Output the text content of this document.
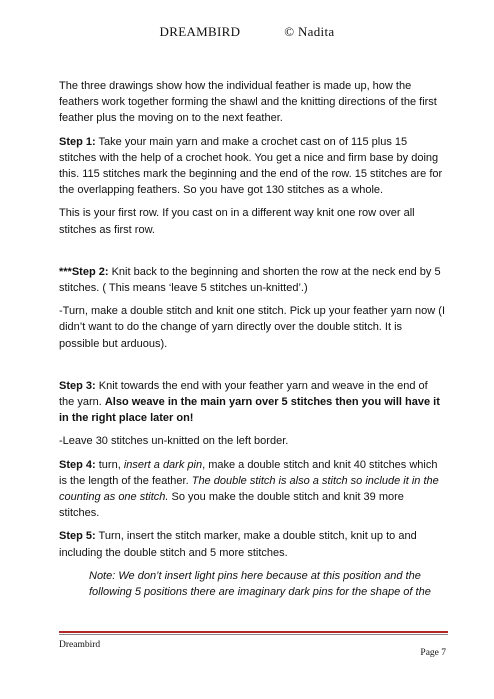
DREAMBIRD	© Nadita

The three drawings show how the individual feather is made up, how the feathers work together forming the shawl and the knitting directions of the first feather plus the moving on to the next feather.

Step 1: Take your main yarn and make a crochet cast on of 115 plus 15 stitches with the help of a crochet hook. You get a nice and firm base by doing this. 115 stitches mark the beginning and the end of the row. 15 stitches are for the overlapping feathers. So you have got 130 stitches as a whole.

This is your first row. If you cast on in a different way knit one row over all stitches as first row.

***Step 2: Knit back to the beginning and shorten the row at the neck end by 5 stitches. ( This means ‘leave 5 stitches un-knitted’.)

-Turn, make a double stitch and knit one stitch. Pick up your feather yarn now (I didn’t want to do the change of yarn directly over the double stitch. It is possible but arduous).

Step 3: Knit towards the end with your feather yarn and weave in the end of the yarn. Also weave in the main yarn over 5 stitches then you will have it in the right place later on!

-Leave 30 stitches un-knitted on the left border.

Step 4: turn, insert a dark pin, make a double stitch and knit 40 stitches which is the length of the feather. The double stitch is also a stitch so include it in the counting as one stitch. So you make the double stitch and knit 39 more stitches.

Step 5: Turn, insert the stitch marker, make a double stitch, knit up to and including the double stitch and 5 more stitches.

Note: We don’t insert light pins here because at this position and the following 5 positions there are imaginary dark pins for the shape of the

Dreambird
Page 7
